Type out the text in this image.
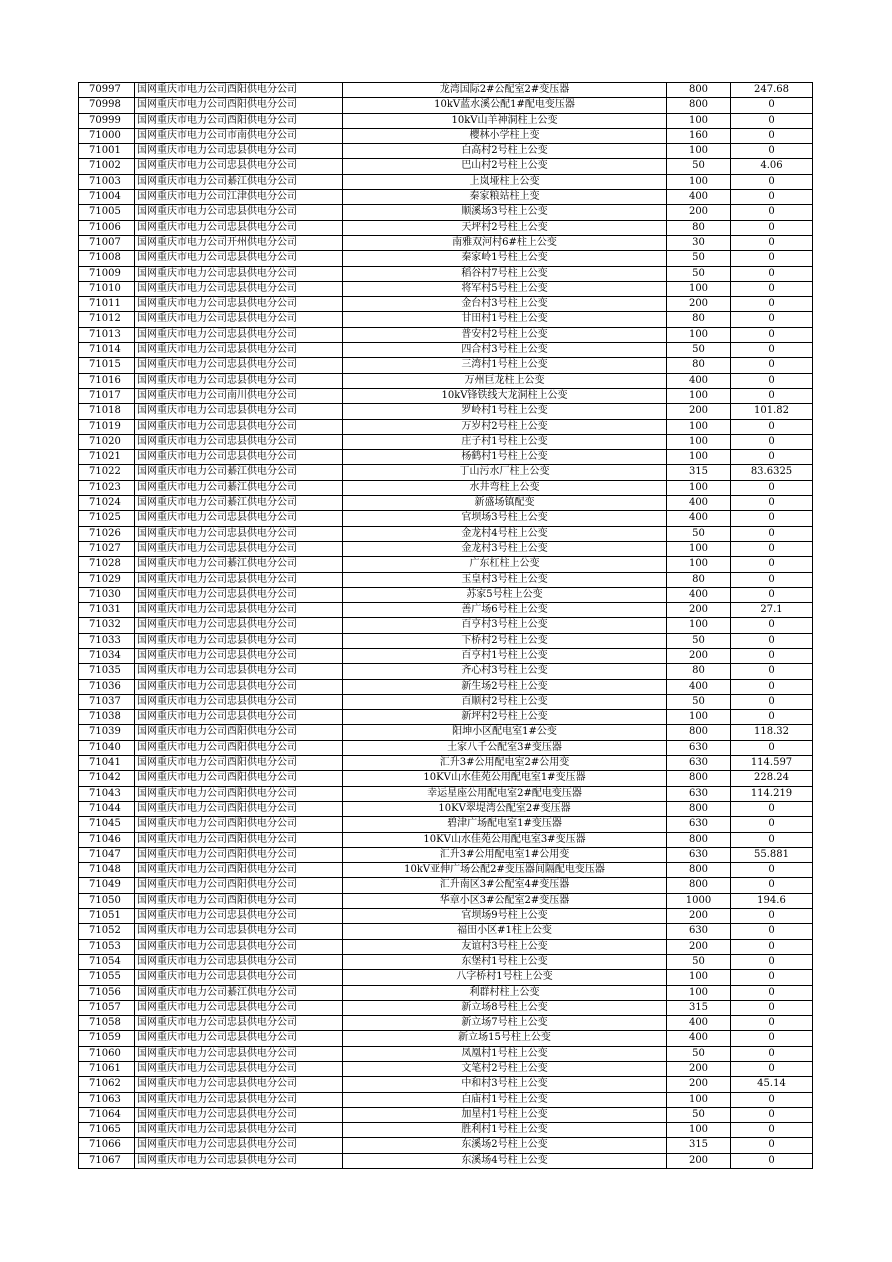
70997	国网重庆市电力公司酉阳供电分公司	龙湾国际2#公配室2#变压器	800	247.68
70998	国网重庆市电力公司酉阳供电分公司	10kV蓝水溪公配1#配电变压器	800	0
70999	国网重庆市电力公司酉阳供电分公司	10kV山羊神洞柱上公变	100	0
71000	国网重庆市电力公司市南供电分公司	樱林小学柱上变	160	0
71001	国网重庆市电力公司忠县供电分公司	白高村2号柱上公变	100	0
71002	国网重庆市电力公司忠县供电分公司	巴山村2号柱上公变	50	4.06
71003	国网重庆市电力公司綦江供电分公司	上岚垭柱上公变	100	0
71004	国网重庆市电力公司江津供电分公司	秦家粮站柱上变	400	0
71005	国网重庆市电力公司忠县供电分公司	顺溪场3号柱上公变	200	0
71006	国网重庆市电力公司忠县供电分公司	天坪村2号柱上公变	80	0
71007	国网重庆市电力公司开州供电分公司	南雅双河村6#柱上公变	30	0
71008	国网重庆市电力公司忠县供电分公司	秦家岭1号柱上公变	50	0
71009	国网重庆市电力公司忠县供电分公司	稻谷村7号柱上公变	50	0
71010	国网重庆市电力公司忠县供电分公司	将军村5号柱上公变	100	0
71011	国网重庆市电力公司忠县供电分公司	金台村3号柱上公变	200	0
71012	国网重庆市电力公司忠县供电分公司	甘田村1号柱上公变	80	0
71013	国网重庆市电力公司忠县供电分公司	普安村2号柱上公变	100	0
71014	国网重庆市电力公司忠县供电分公司	四合村3号柱上公变	50	0
71015	国网重庆市电力公司忠县供电分公司	三湾村1号柱上公变	80	0
71016	国网重庆市电力公司忠县供电分公司	万州巨龙柱上公变	400	0
71017	国网重庆市电力公司南川供电分公司	10kV锋铁线大龙洞柱上公变	100	0
71018	国网重庆市电力公司忠县供电分公司	罗岭村1号柱上公变	200	101.82
71019	国网重庆市电力公司忠县供电分公司	万岁村2号柱上公变	100	0
71020	国网重庆市电力公司忠县供电分公司	庄子村1号柱上公变	100	0
71021	国网重庆市电力公司忠县供电分公司	杨鹤村1号柱上公变	100	0
71022	国网重庆市电力公司綦江供电分公司	丁山污水厂柱上公变	315	83.6325
71023	国网重庆市电力公司綦江供电分公司	水井弯柱上公变	100	0
71024	国网重庆市电力公司綦江供电分公司	新盛场镇配变	400	0
71025	国网重庆市电力公司忠县供电分公司	官坝场3号柱上公变	400	0
71026	国网重庆市电力公司忠县供电分公司	金龙村4号柱上公变	50	0
71027	国网重庆市电力公司忠县供电分公司	金龙村3号柱上公变	100	0
71028	国网重庆市电力公司綦江供电分公司	广东杠柱上公变	100	0
71029	国网重庆市电力公司忠县供电分公司	玉皇村3号柱上公变	80	0
71030	国网重庆市电力公司忠县供电分公司	苏家5号柱上公变	400	0
71031	国网重庆市电力公司忠县供电分公司	善广场6号柱上公变	200	27.1
71032	国网重庆市电力公司忠县供电分公司	百亨村3号柱上公变	100	0
71033	国网重庆市电力公司忠县供电分公司	下桥村2号柱上公变	50	0
71034	国网重庆市电力公司忠县供电分公司	百亨村1号柱上公变	200	0
71035	国网重庆市电力公司忠县供电分公司	齐心村3号柱上公变	80	0
71036	国网重庆市电力公司忠县供电分公司	新生场2号柱上公变	400	0
71037	国网重庆市电力公司忠县供电分公司	百顺村2号柱上公变	50	0
71038	国网重庆市电力公司忠县供电分公司	新坪村2号柱上公变	100	0
71039	国网重庆市电力公司酉阳供电分公司	阳坤小区配电室1#公变	800	118.32
71040	国网重庆市电力公司酉阳供电分公司	土家八千公配室3#变压器	630	0
71041	国网重庆市电力公司酉阳供电分公司	汇升3#公用配电室2#公用变	630	114.597
71042	国网重庆市电力公司酉阳供电分公司	10KV山水佳苑公用配电室1#变压器	800	228.24
71043	国网重庆市电力公司酉阳供电分公司	幸运星座公用配电室2#配电变压器	630	114.219
71044	国网重庆市电力公司酉阳供电分公司	10KV翠堤湾公配室2#变压器	800	0
71045	国网重庆市电力公司酉阳供电分公司	碧津广场配电室1#变压器	630	0
71046	国网重庆市电力公司酉阳供电分公司	10KV山水佳苑公用配电室3#变压器	800	0
71047	国网重庆市电力公司酉阳供电分公司	汇升3#公用配电室1#公用变	630	55.881
71048	国网重庆市电力公司酉阳供电分公司	10kV亚伸广场公配2#变压器间隔配电变压器	800	0
71049	国网重庆市电力公司酉阳供电分公司	汇升南区3#公配室4#变压器	800	0
71050	国网重庆市电力公司酉阳供电分公司	华章小区3#公配室2#变压器	1000	194.6
71051	国网重庆市电力公司忠县供电分公司	官坝场9号柱上公变	200	0
71052	国网重庆市电力公司忠县供电分公司	福田小区#1柱上公变	630	0
71053	国网重庆市电力公司忠县供电分公司	友谊村3号柱上公变	200	0
71054	国网重庆市电力公司忠县供电分公司	东堡村1号柱上公变	50	0
71055	国网重庆市电力公司忠县供电分公司	八字桥村1号柱上公变	100	0
71056	国网重庆市电力公司綦江供电分公司	利群村柱上公变	100	0
71057	国网重庆市电力公司忠县供电分公司	新立场8号柱上公变	315	0
71058	国网重庆市电力公司忠县供电分公司	新立场7号柱上公变	400	0
71059	国网重庆市电力公司忠县供电分公司	新立场15号柱上公变	400	0
71060	国网重庆市电力公司忠县供电分公司	凤凰村1号柱上公变	50	0
71061	国网重庆市电力公司忠县供电分公司	文笔村2号柱上公变	200	0
71062	国网重庆市电力公司忠县供电分公司	中和村3号柱上公变	200	45.14
71063	国网重庆市电力公司忠县供电分公司	白庙村1号柱上公变	100	0
71064	国网重庆市电力公司忠县供电分公司	加星村1号柱上公变	50	0
71065	国网重庆市电力公司忠县供电分公司	胜利村1号柱上公变	100	0
71066	国网重庆市电力公司忠县供电分公司	东溪场2号柱上公变	315	0
71067	国网重庆市电力公司忠县供电分公司	东溪场4号柱上公变	200	0
